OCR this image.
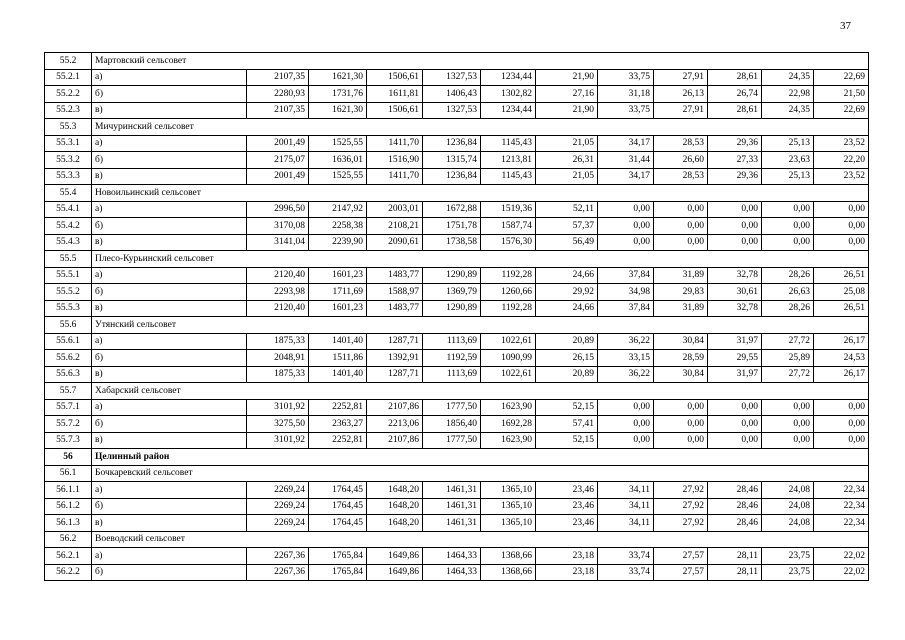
37
55.2	Мартовский сельсовет											
55.2.1	а)	2107,35	1621,30	1506,61	1327,53	1234,44	21,90	33,75	27,91	28,61	24,35	22,69
55.2.2	б)	2280,93	1731,76	1611,81	1406,43	1302,82	27,16	31,18	26,13	26,74	22,98	21,50
55.2.3	в)	2107,35	1621,30	1506,61	1327,53	1234,44	21,90	33,75	27,91	28,61	24,35	22,69
55.3	Мичуринский сельсовет											
55.3.1	а)	2001,49	1525,55	1411,70	1236,84	1145,43	21,05	34,17	28,53	29,36	25,13	23,52
55.3.2	б)	2175,07	1636,01	1516,90	1315,74	1213,81	26,31	31,44	26,60	27,33	23,63	22,20
55.3.3	в)	2001,49	1525,55	1411,70	1236,84	1145,43	21,05	34,17	28,53	29,36	25,13	23,52
55.4	Новоильинский сельсовет											
55.4.1	а)	2996,50	2147,92	2003,01	1672,88	1519,36	52,11	0,00	0,00	0,00	0,00	0,00
55.4.2	б)	3170,08	2258,38	2108,21	1751,78	1587,74	57,37	0,00	0,00	0,00	0,00	0,00
55.4.3	в)	3141,04	2239,90	2090,61	1738,58	1576,30	56,49	0,00	0,00	0,00	0,00	0,00
55.5	Плесо-Курьинский сельсовет											
55.5.1	а)	2120,40	1601,23	1483,77	1290,89	1192,28	24,66	37,84	31,89	32,78	28,26	26,51
55.5.2	б)	2293,98	1711,69	1588,97	1369,79	1260,66	29,92	34,98	29,83	30,61	26,63	25,08
55.5.3	в)	2120,40	1601,23	1483,77	1290,89	1192,28	24,66	37,84	31,89	32,78	28,26	26,51
55.6	Утянский сельсовет											
55.6.1	а)	1875,33	1401,40	1287,71	1113,69	1022,61	20,89	36,22	30,84	31,97	27,72	26,17
55.6.2	б)	2048,91	1511,86	1392,91	1192,59	1090,99	26,15	33,15	28,59	29,55	25,89	24,53
55.6.3	в)	1875,33	1401,40	1287,71	1113,69	1022,61	20,89	36,22	30,84	31,97	27,72	26,17
55.7	Хабарский сельсовет											
55.7.1	а)	3101,92	2252,81	2107,86	1777,50	1623,90	52,15	0,00	0,00	0,00	0,00	0,00
55.7.2	б)	3275,50	2363,27	2213,06	1856,40	1692,28	57,41	0,00	0,00	0,00	0,00	0,00
55.7.3	в)	3101,92	2252,81	2107,86	1777,50	1623,90	52,15	0,00	0,00	0,00	0,00	0,00
56	Целинный район											
56.1	Бочкаревский сельсовет											
56.1.1	а)	2269,24	1764,45	1648,20	1461,31	1365,10	23,46	34,11	27,92	28,46	24,08	22,34
56.1.2	б)	2269,24	1764,45	1648,20	1461,31	1365,10	23,46	34,11	27,92	28,46	24,08	22,34
56.1.3	в)	2269,24	1764,45	1648,20	1461,31	1365,10	23,46	34,11	27,92	28,46	24,08	22,34
56.2	Воеводский сельсовет											
56.2.1	а)	2267,36	1765,84	1649,86	1464,33	1368,66	23,18	33,74	27,57	28,11	23,75	22,02
56.2.2	б)	2267,36	1765,84	1649,86	1464,33	1368,66	23,18	33,74	27,57	28,11	23,75	22,02
